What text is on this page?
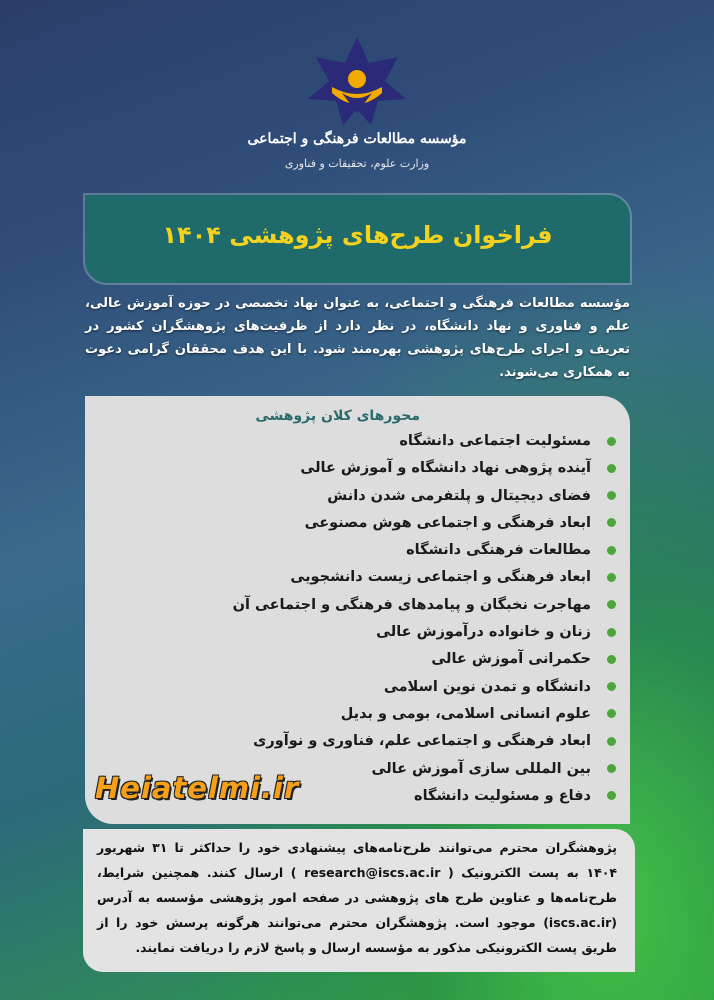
مؤسسه مطالعات فرهنگی و اجتماعی
وزارت علوم، تحقیقات و فناوری
فراخوان طرح‌های پژوهشی ۱۴۰۴
مؤسسه مطالعات فرهنگی و اجتماعی، به عنوان نهاد تخصصی در حوزه آموزش عالی، علم و فناوری و نهاد دانشگاه، در نظر دارد از ظرفیت‌های پژوهشگران کشور در تعریف و اجرای طرح‌های پژوهشی بهره‌مند شود. با این هدف محققان گرامی دعوت به همکاری می‌شوند.
محورهای کلان پژوهشی
مسئولیت اجتماعی دانشگاه
آینده پژوهی نهاد دانشگاه و آموزش عالی
فضای دیجیتال و پلتفرمی شدن دانش
ابعاد فرهنگی و اجتماعی هوش مصنوعی
مطالعات فرهنگی دانشگاه
ابعاد فرهنگی و اجتماعی زیست دانشجویی
مهاجرت نخبگان و پیامدهای فرهنگی و اجتماعی آن
زنان و خانواده درآموزش عالی
حکمرانی آموزش عالی
دانشگاه و تمدن نوین اسلامی
علوم انسانی اسلامی، بومی و بدیل
ابعاد فرهنگی و اجتماعی علم، فناوری و نوآوری
بین المللی سازی آموزش عالی
دفاع و مسئولیت دانشگاه
Heiatelmi.ir
پژوهشگران محترم می‌توانند طرح‌نامه‌های پیشنهادی خود را حداکثر تا ۳۱ شهریور ۱۴۰۴ به پست الکترونیک ( research@iscs.ac.ir ) ارسال کنند. همچنین شرایط، طرح‌نامه‌ها و عناوین طرح های پژوهشی در صفحه امور پژوهشی مؤسسه به آدرس (iscs.ac.ir) موجود است. پژوهشگران محترم می‌توانند هرگونه پرسش خود را از طریق پست الکترونیکی مذکور به مؤسسه ارسال و پاسخ لازم را دریافت نمایند.
